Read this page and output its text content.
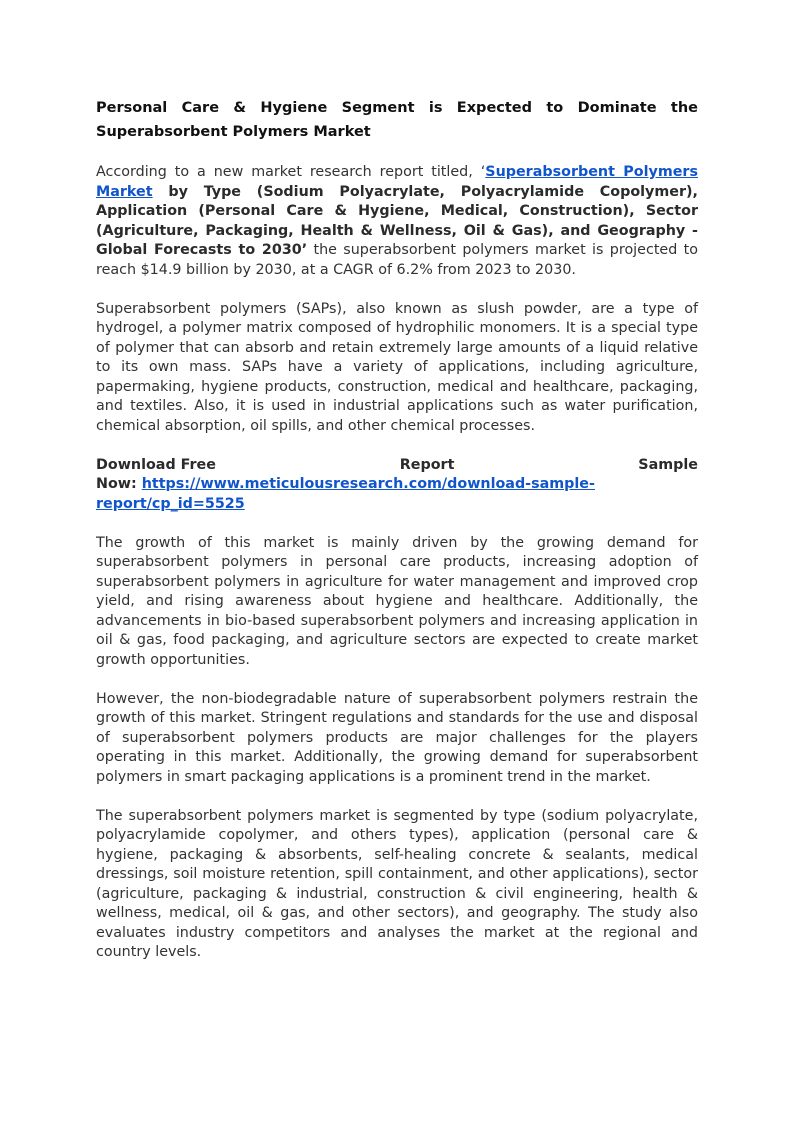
Personal Care & Hygiene Segment is Expected to Dominate the Superabsorbent Polymers Market

According to a new market research report titled, ‘Superabsorbent Polymers Market by Type (Sodium Polyacrylate, Polyacrylamide Copolymer), Application (Personal Care & Hygiene, Medical, Construction), Sector (Agriculture, Packaging, Health & Wellness, Oil & Gas), and Geography - Global Forecasts to 2030’ the superabsorbent polymers market is projected to reach $14.9 billion by 2030, at a CAGR of 6.2% from 2023 to 2030.

Superabsorbent polymers (SAPs), also known as slush powder, are a type of hydrogel, a polymer matrix composed of hydrophilic monomers. It is a special type of polymer that can absorb and retain extremely large amounts of a liquid relative to its own mass. SAPs have a variety of applications, including agriculture, papermaking, hygiene products, construction, medical and healthcare, packaging, and textiles. Also, it is used in industrial applications such as water purification, chemical absorption, oil spills, and other chemical processes.

Download Free	Report	Sample
Now: https://www.meticulousresearch.com/download-sample-report/cp_id=5525

The growth of this market is mainly driven by the growing demand for superabsorbent polymers in personal care products, increasing adoption of superabsorbent polymers in agriculture for water management and improved crop yield, and rising awareness about hygiene and healthcare. Additionally, the advancements in bio-based superabsorbent polymers and increasing application in oil & gas, food packaging, and agriculture sectors are expected to create market growth opportunities.

However, the non-biodegradable nature of superabsorbent polymers restrain the growth of this market. Stringent regulations and standards for the use and disposal of superabsorbent polymers products are major challenges for the players operating in this market. Additionally, the growing demand for superabsorbent polymers in smart packaging applications is a prominent trend in the market.

The superabsorbent polymers market is segmented by type (sodium polyacrylate, polyacrylamide copolymer, and others types), application (personal care & hygiene, packaging & absorbents, self-healing concrete & sealants, medical dressings, soil moisture retention, spill containment, and other applications), sector (agriculture, packaging & industrial, construction & civil engineering, health & wellness, medical, oil & gas, and other sectors), and geography. The study also evaluates industry competitors and analyses the market at the regional and country levels.
